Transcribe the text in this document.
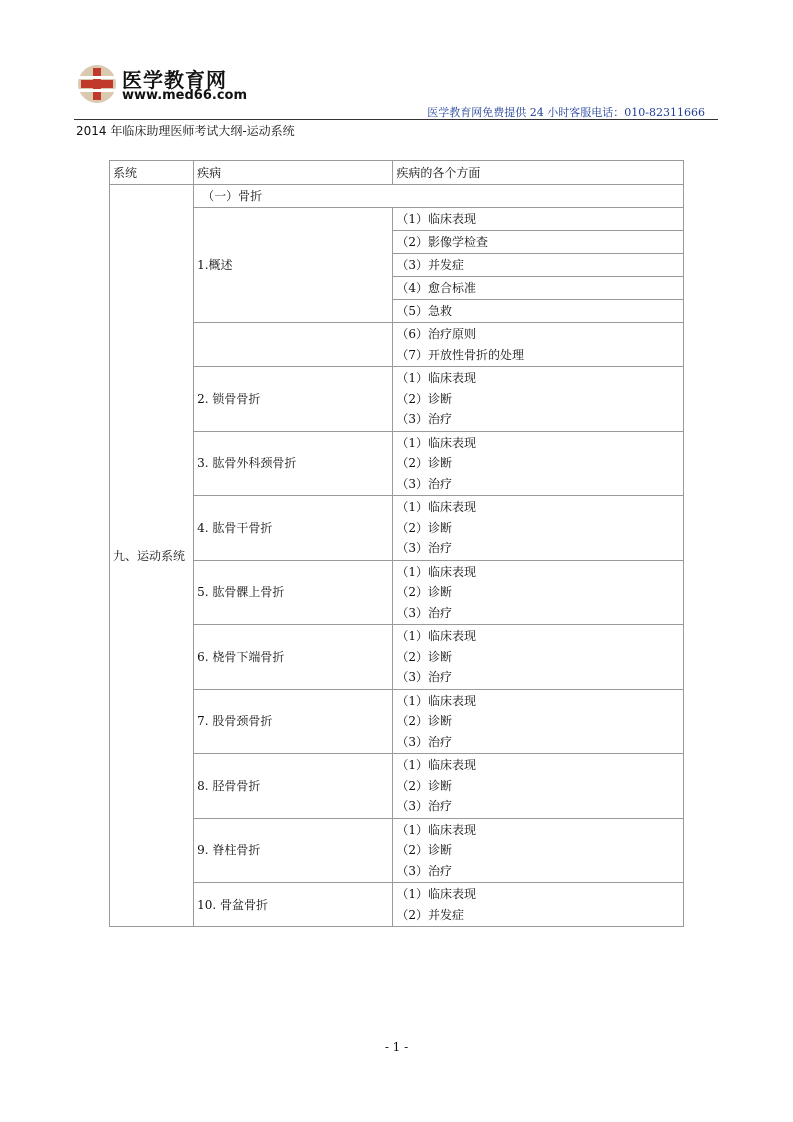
医学教育网
www.med66.com
医学教育网免费提供 24 小时客服电话：010-82311666
2014 年临床助理医师考试大纲-运动系统
系统	疾病	疾病的各个方面
九、运动系统	（一）骨折	
	1.概述	（1）临床表现
		（2）影像学检查
		（3）并发症
		（4）愈合标准
		（5）急救

		（6）治疗原则
（7）开放性骨折的处理

	2. 锁骨骨折	（1）临床表现
（2）诊断
（3）治疗

	3. 肱骨外科颈骨折	（1）临床表现
（2）诊断
（3）治疗

	4. 肱骨干骨折	（1）临床表现
（2）诊断
（3）治疗

	5. 肱骨髁上骨折	（1）临床表现
（2）诊断
（3）治疗

	6. 桡骨下端骨折	（1）临床表现
（2）诊断
（3）治疗

	7. 股骨颈骨折	（1）临床表现
（2）诊断
（3）治疗

	8. 胫骨骨折	（1）临床表现
（2）诊断
（3）治疗

	9. 脊柱骨折	（1）临床表现
（2）诊断
（3）治疗

	10. 骨盆骨折	（1）临床表现
（2）并发症
- 1 -
